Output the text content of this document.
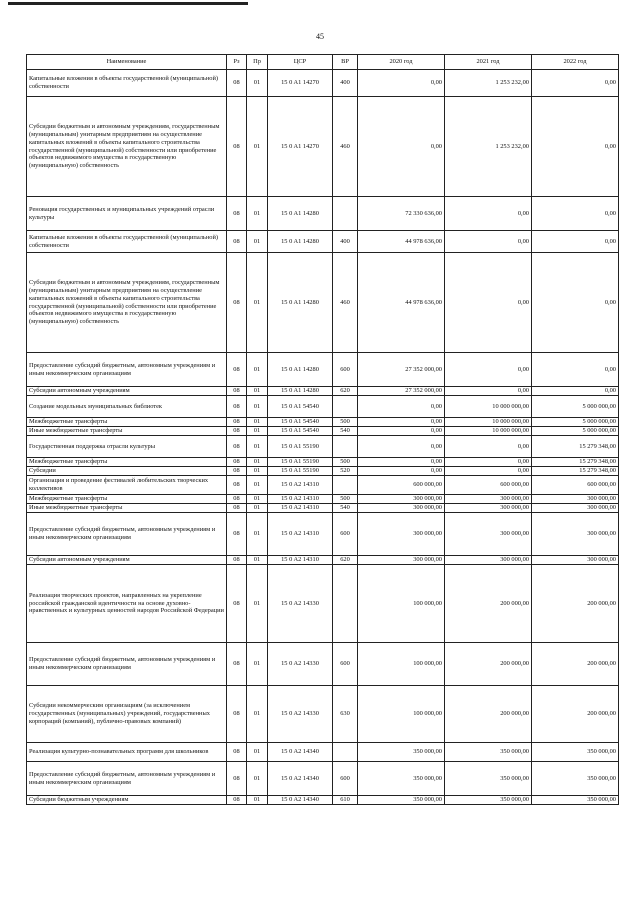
45
Наименование	Рз	Пр	ЦСР	ВР	2020 год	2021 год	2022 год
Капитальные вложения в объекты государственной (муниципальной) собственности	08	01	15 0 A1 14270	400	0,00	1 253 232,00	0,00
Субсидии бюджетным и автономным учреждениям, государственным (муниципальным) унитарным предприятиям на осуществление капитальных вложений в объекты капитального строительства государственной (муниципальной) собственности или приобретение объектов недвижимого имущества в государственную (муниципальную) собственность	08	01	15 0 A1 14270	460	0,00	1 253 232,00	0,00
Реновация государственных и муниципальных учреждений отрасли культуры	08	01	15 0 A1 14280		72 330 636,00	0,00	0,00
Капитальные вложения в объекты государственной (муниципальной) собственности	08	01	15 0 A1 14280	400	44 978 636,00	0,00	0,00
Субсидии бюджетным и автономным учреждениям, государственным (муниципальным) унитарным предприятиям на осуществление капитальных вложений в объекты капитального строительства государственной (муниципальной) собственности или приобретение объектов недвижимого имущества в государственную (муниципальную) собственность	08	01	15 0 A1 14280	460	44 978 636,00	0,00	0,00
Предоставление субсидий бюджетным, автономным учреждениям и иным некоммерческим организациям	08	01	15 0 A1 14280	600	27 352 000,00	0,00	0,00
Субсидии автономным учреждениям	08	01	15 0 A1 14280	620	27 352 000,00	0,00	0,00
Создание модельных муниципальных библиотек	08	01	15 0 A1 54540		0,00	10 000 000,00	5 000 000,00
Межбюджетные трансферты	08	01	15 0 A1 54540	500	0,00	10 000 000,00	5 000 000,00
Иные межбюджетные трансферты	08	01	15 0 A1 54540	540	0,00	10 000 000,00	5 000 000,00
Государственная поддержка отрасли культуры	08	01	15 0 A1 55190		0,00	0,00	15 279 348,00
Межбюджетные трансферты	08	01	15 0 A1 55190	500	0,00	0,00	15 279 348,00
Субсидии	08	01	15 0 A1 55190	520	0,00	0,00	15 279 348,00
Организация и проведение фестивалей любительских творческих коллективов	08	01	15 0 A2 14310		600 000,00	600 000,00	600 000,00
Межбюджетные трансферты	08	01	15 0 A2 14310	500	300 000,00	300 000,00	300 000,00
Иные межбюджетные трансферты	08	01	15 0 A2 14310	540	300 000,00	300 000,00	300 000,00
Предоставление субсидий бюджетным, автономным учреждениям и иным некоммерческим организациям	08	01	15 0 A2 14310	600	300 000,00	300 000,00	300 000,00
Субсидии автономным учреждениям	08	01	15 0 A2 14310	620	300 000,00	300 000,00	300 000,00
Реализация творческих проектов, направленных на укрепление российской гражданской идентичности на основе духовно-нравственных и культурных ценностей народов Российской Федерации	08	01	15 0 A2 14330		100 000,00	200 000,00	200 000,00
Предоставление субсидий бюджетным, автономным учреждениям и иным некоммерческим организациям	08	01	15 0 A2 14330	600	100 000,00	200 000,00	200 000,00
Субсидии некоммерческим организациям (за исключением государственных (муниципальных) учреждений, государственных корпораций (компаний), публично-правовых компаний)	08	01	15 0 A2 14330	630	100 000,00	200 000,00	200 000,00
Реализация культурно-познавательных программ для школьников	08	01	15 0 A2 14340		350 000,00	350 000,00	350 000,00
Предоставление субсидий бюджетным, автономным учреждениям и иным некоммерческим организациям	08	01	15 0 A2 14340	600	350 000,00	350 000,00	350 000,00
Субсидии бюджетным учреждениям	08	01	15 0 A2 14340	610	350 000,00	350 000,00	350 000,00
